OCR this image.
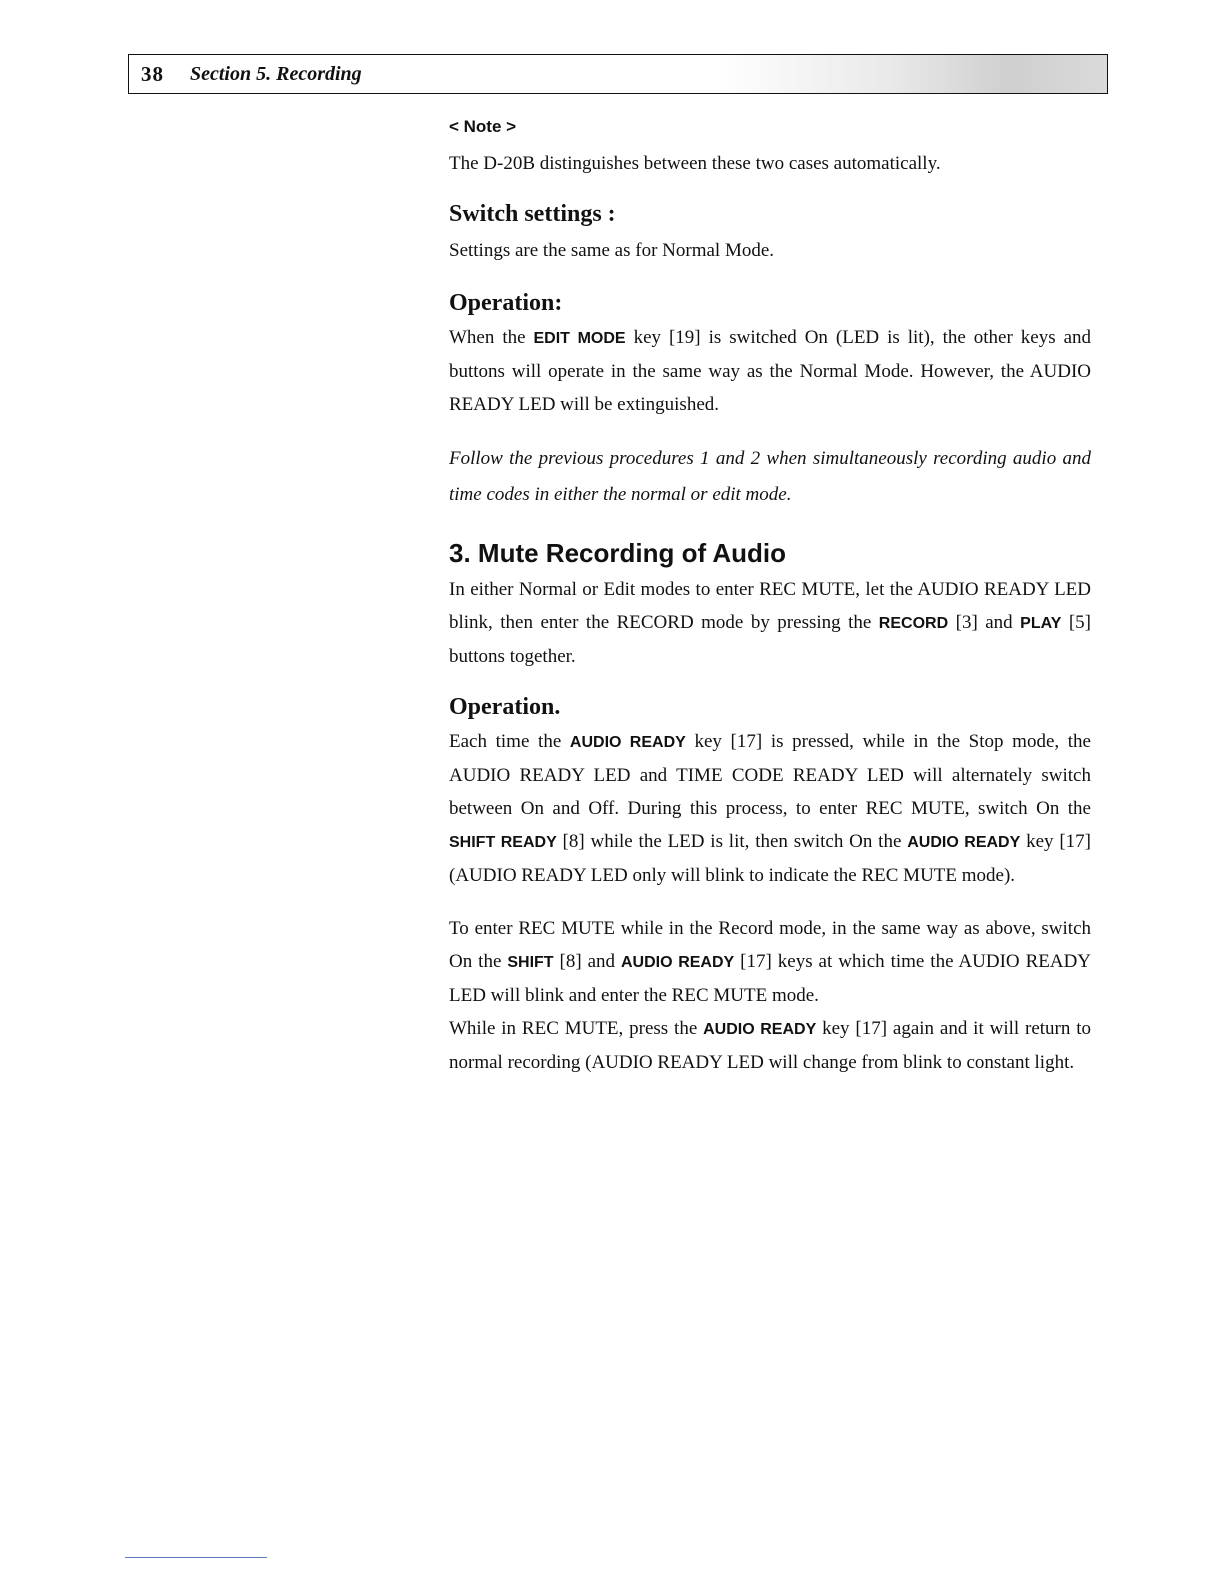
38 Section 5. Recording
< Note >

The D-20B distinguishes between these two cases automatically.

Switch settings :

Settings are the same as for Normal Mode.

Operation:

When the EDIT MODE key [19] is switched On (LED is lit), the other keys and buttons will operate in the same way as the Normal Mode. However, the AUDIO READY LED will be extinguished.

Follow the previous procedures 1 and 2 when simultaneously recording audio and time codes in either the normal or edit mode.

3. Mute Recording of Audio

In either Normal or Edit modes to enter REC MUTE, let the AUDIO READY LED blink, then enter the RECORD mode by pressing the RECORD [3] and PLAY [5] buttons together.

Operation.

Each time the AUDIO READY key [17] is pressed, while in the Stop mode, the AUDIO READY LED and TIME CODE READY LED will alternately switch between On and Off. During this process, to enter REC MUTE, switch On the SHIFT READY [8] while the LED is lit, then switch On the AUDIO READY key [17] (AUDIO READY LED only will blink to indicate the REC MUTE mode).

To enter REC MUTE while in the Record mode, in the same way as above, switch On the SHIFT [8] and AUDIO READY [17] keys at which time the AUDIO READY LED will blink and enter the REC MUTE mode.

While in REC MUTE, press the AUDIO READY key [17] again and it will return to normal recording (AUDIO READY LED will change from blink to constant light.
